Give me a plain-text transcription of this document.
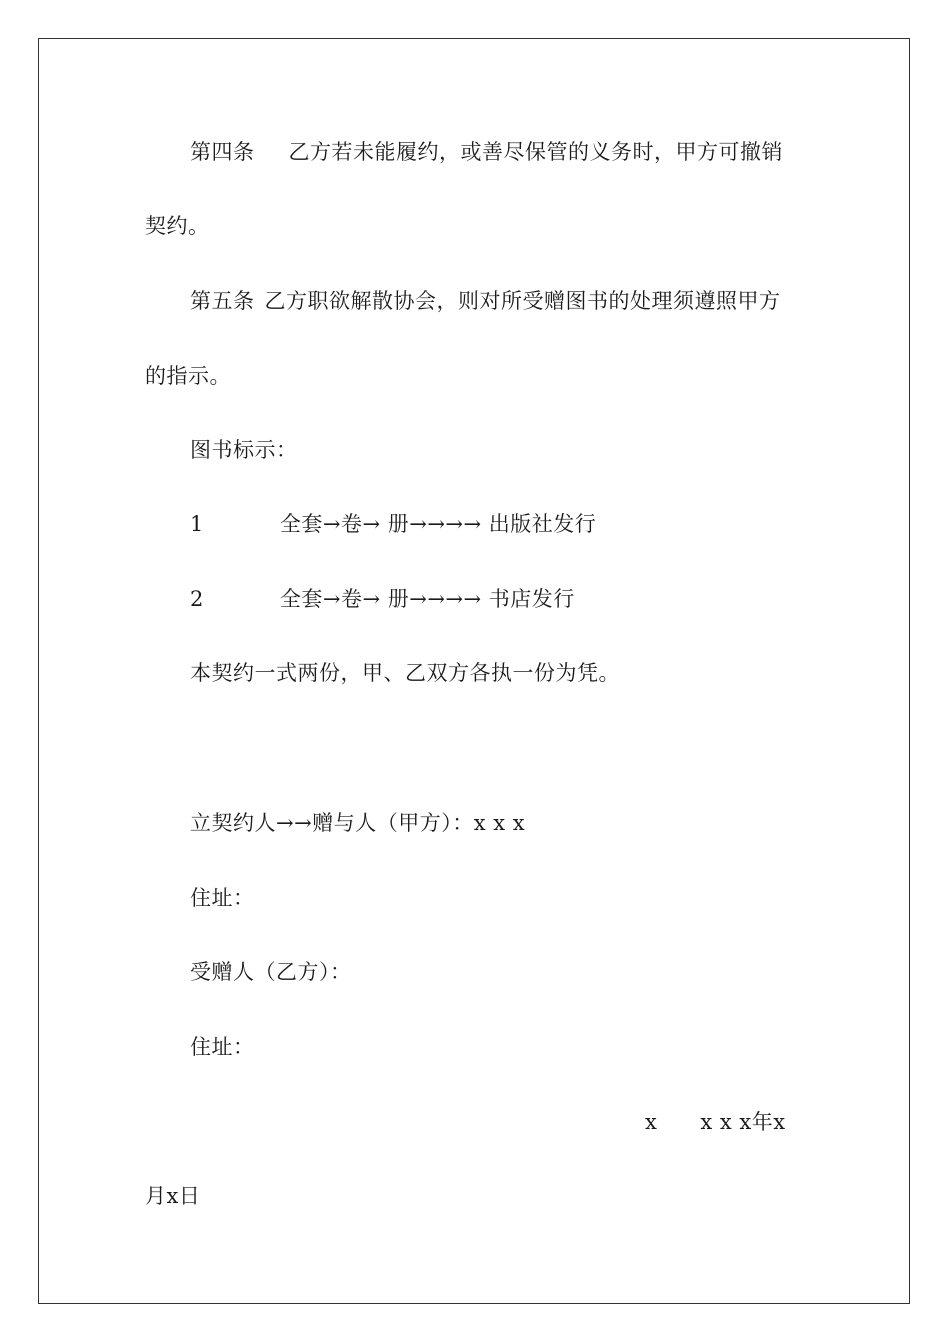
第四条 乙方若未能履约，或善尽保管的义务时，甲方可撤销
契约。
第五条 乙方职欲解散协会，则对所受赠图书的处理须遵照甲方
的指示。
图书标示：
1	全套→卷→ 册→→→→ 出版社发行
2	全套→卷→ 册→→→→ 书店发行
本契约一式两份，甲、乙双方各执一份为凭。
立契约人→→赠与人（甲方）：x x x
住址：
受赠人（乙方）：
住址：
x　　x x x年x
月x日
